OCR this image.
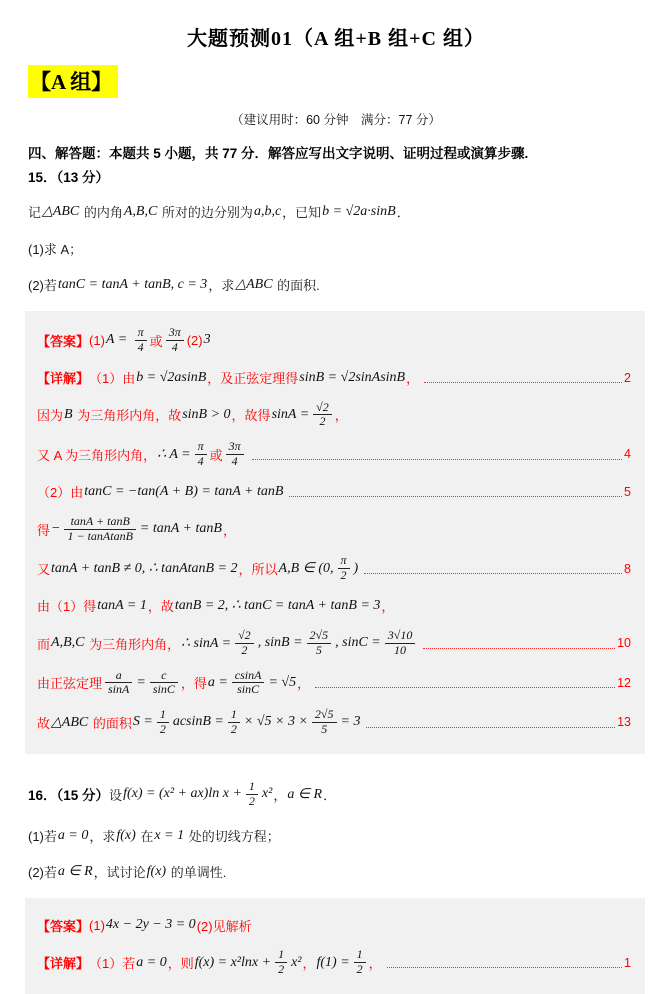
大题预测01（A 组+B 组+C 组）
【A 组】
（建议用时：60 分钟　满分：77 分）
四、解答题：本题共 5 小题，共 77 分．解答应写出文字说明、证明过程或演算步骤.
15．（13 分）
记 △ABC 的内角 A,B,C 所对的边分别为 a,b,c ，已知 b = √2a·sinB ．
(1)求 A；
(2)若 tanC = tanA + tanB, c = 3 ，求 △ABC 的面积.
【答案】 (1) $A = \frac{\pi}{4}$ 或 $\frac{3\pi}{4} (2)$ 3
【详解】 （1）由 b = √2asinB ，及正弦定理得 sinB = √2sinAsinB ，	2
因为 B 为三角形内角，故 sinB > 0 ，故得 $\sin A = \frac{√2}{2}$ ，
又 A 为三角形内角， ∴ $A = \frac{\pi}{4}$ 或 $\frac{3\pi}{4}$	4
（2）由 tanC = −tan(A + B) = tanA + tanB	5
得 − $\frac{\tan A + \tan B}{\text{1 − tanAtanB}} = \tan A + \tan B$ ，
又 tanA + tanB ≠ 0, ∴ tanAtanB = 2 ，所以 A,B ∈ (0, $\frac{\pi}{2}$ )	8
由（1）得 tanA = 1 ，故 tanB = 2, ∴ tanC = tanA + tanB = 3 ，
而 A,B,C 为三角形内角， ∴ $\sin A = \frac{√2}{2}$ , $\sin B = \frac{2√5}{5}$ , $\sin C = \frac{3√10}{10}$	10
由正弦定理 $\frac{a}{\sin A} = \frac{c}{\sin C}$ ，得 $a = \frac{csinA}{\sin C} = √5$ ，	12
故 △ABC 的面积 $S = \frac{1}{2}$ $acsinB = \frac{1}{2} \times √5 \times 3 \times \frac{2√5}{5} = 3$	13
16．（15 分） 设 f(x) = (x² + ax)ln $x + \frac{1}{2} x^2$ ， a ∈ R ．
(1)若 a = 0 ，求 f(x) 在 x = 1 处的切线方程；
(2)若 a ∈ R ，试讨论 f(x) 的单调性.
【答案】 (1) 4x − 2y − 3 = 0 (2)见解析
【详解】 （1）若 a = 0 ，则 $f(x) = x^2\ln x + \frac{1}{2} x^2$ ， $f(1) = \frac{1}{2}$ ，	1
